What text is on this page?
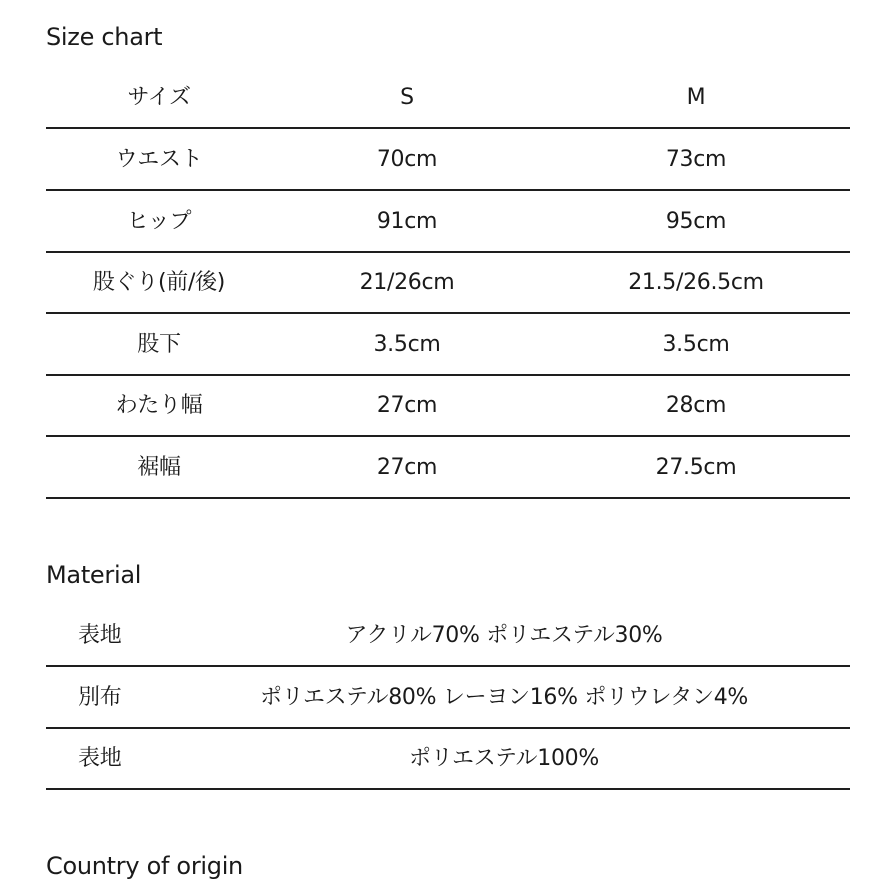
Size chart
サイズ	S	M
ウエスト	70cm	73cm
ヒップ	91cm	95cm
股ぐり(前/後)	21/26cm	21.5/26.5cm
股下	3.5cm	3.5cm
わたり幅	27cm	28cm
裾幅	27cm	27.5cm
Material
表地	アクリル70% ポリエステル30%
別布	ポリエステル80% レーヨン16% ポリウレタン4%
表地	ポリエステル100%
Country of origin
